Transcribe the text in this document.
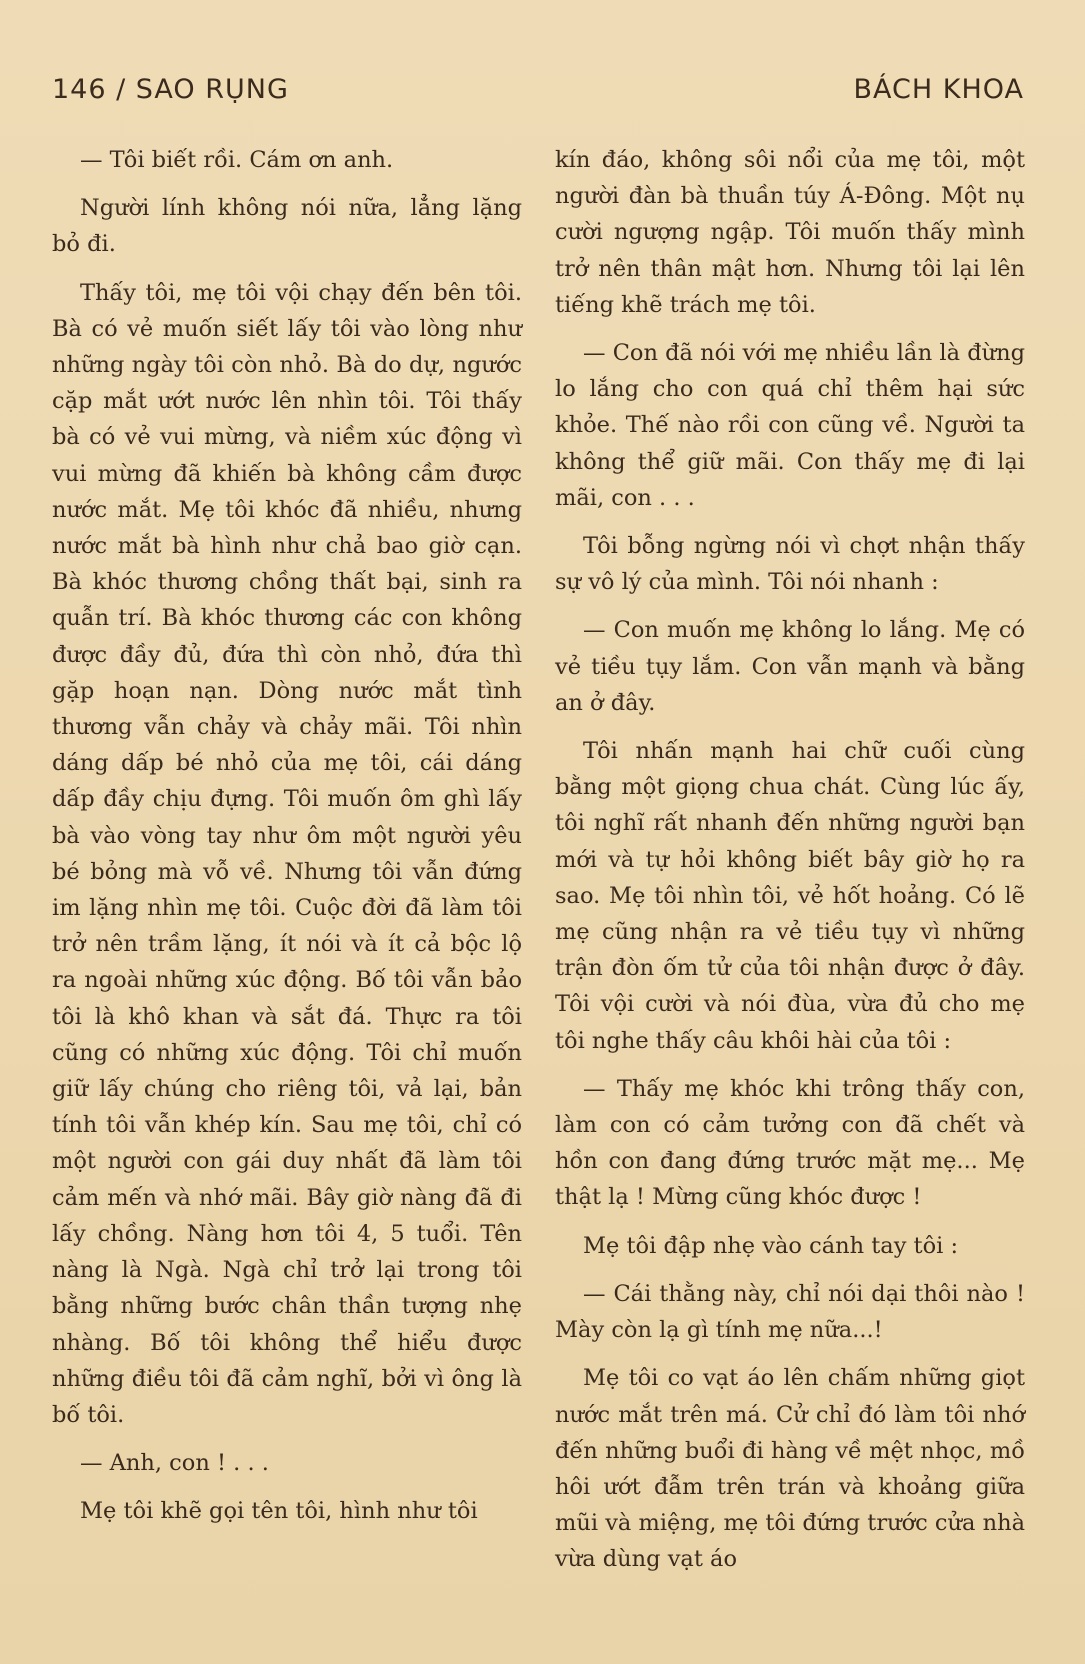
146 / SAO RỤNG	BÁCH KHOA

— Tôi biết rồi. Cám ơn anh.

Người lính không nói nữa, lẳng lặng bỏ đi.

Thấy tôi, mẹ tôi vội chạy đến bên tôi. Bà có vẻ muốn siết lấy tôi vào lòng như những ngày tôi còn nhỏ. Bà do dự, ngước cặp mắt ướt nước lên nhìn tôi. Tôi thấy bà có vẻ vui mừng, và niềm xúc động vì vui mừng đã khiến bà không cầm được nước mắt. Mẹ tôi khóc đã nhiều, nhưng nước mắt bà hình như chả bao giờ cạn. Bà khóc thương chồng thất bại, sinh ra quẫn trí. Bà khóc thương các con không được đầy đủ, đứa thì còn nhỏ, đứa thì gặp hoạn nạn. Dòng nước mắt tình thương vẫn chảy và chảy mãi. Tôi nhìn dáng dấp bé nhỏ của mẹ tôi, cái dáng dấp đầy chịu đựng. Tôi muốn ôm ghì lấy bà vào vòng tay như ôm một người yêu bé bỏng mà vỗ về. Nhưng tôi vẫn đứng im lặng nhìn mẹ tôi. Cuộc đời đã làm tôi trở nên trầm lặng, ít nói và ít cả bộc lộ ra ngoài những xúc động. Bố tôi vẫn bảo tôi là khô khan và sắt đá. Thực ra tôi cũng có những xúc động. Tôi chỉ muốn giữ lấy chúng cho riêng tôi, vả lại, bản tính tôi vẫn khép kín. Sau mẹ tôi, chỉ có một người con gái duy nhất đã làm tôi cảm mến và nhớ mãi. Bây giờ nàng đã đi lấy chồng. Nàng hơn tôi 4, 5 tuổi. Tên nàng là Ngà. Ngà chỉ trở lại trong tôi bằng những bước chân thần tượng nhẹ nhàng. Bố tôi không thể hiểu được những điều tôi đã cảm nghĩ, bởi vì ông là bố tôi.

— Anh, con ! . . .

Mẹ tôi khẽ gọi tên tôi, hình như tôi

kín đáo, không sôi nổi của mẹ tôi, một người đàn bà thuần túy Á-Đông. Một nụ cười ngượng ngập. Tôi muốn thấy mình trở nên thân mật hơn. Nhưng tôi lại lên tiếng khẽ trách mẹ tôi.

— Con đã nói với mẹ nhiều lần là đừng lo lắng cho con quá chỉ thêm hại sức khỏe. Thế nào rồi con cũng về. Người ta không thể giữ mãi. Con thấy mẹ đi lại mãi, con . . .

Tôi bỗng ngừng nói vì chợt nhận thấy sự vô lý của mình. Tôi nói nhanh :

— Con muốn mẹ không lo lắng. Mẹ có vẻ tiều tụy lắm. Con vẫn mạnh và bằng an ở đây.

Tôi nhấn mạnh hai chữ cuối cùng bằng một giọng chua chát. Cùng lúc ấy, tôi nghĩ rất nhanh đến những người bạn mới và tự hỏi không biết bây giờ họ ra sao. Mẹ tôi nhìn tôi, vẻ hốt hoảng. Có lẽ mẹ cũng nhận ra vẻ tiều tụy vì những trận đòn ốm tử của tôi nhận được ở đây. Tôi vội cười và nói đùa, vừa đủ cho mẹ tôi nghe thấy câu khôi hài của tôi :

— Thấy mẹ khóc khi trông thấy con, làm con có cảm tưởng con đã chết và hồn con đang đứng trước mặt mẹ... Mẹ thật lạ ! Mừng cũng khóc được !

Mẹ tôi đập nhẹ vào cánh tay tôi :

— Cái thằng này, chỉ nói dại thôi nào ! Mày còn lạ gì tính mẹ nữa...!

Mẹ tôi co vạt áo lên chấm những giọt nước mắt trên má. Cử chỉ đó làm tôi nhớ đến những buổi đi hàng về mệt nhọc, mồ hôi ướt đẫm trên trán và khoảng giữa mũi và miệng, mẹ tôi đứng trước cửa nhà vừa dùng vạt áo
